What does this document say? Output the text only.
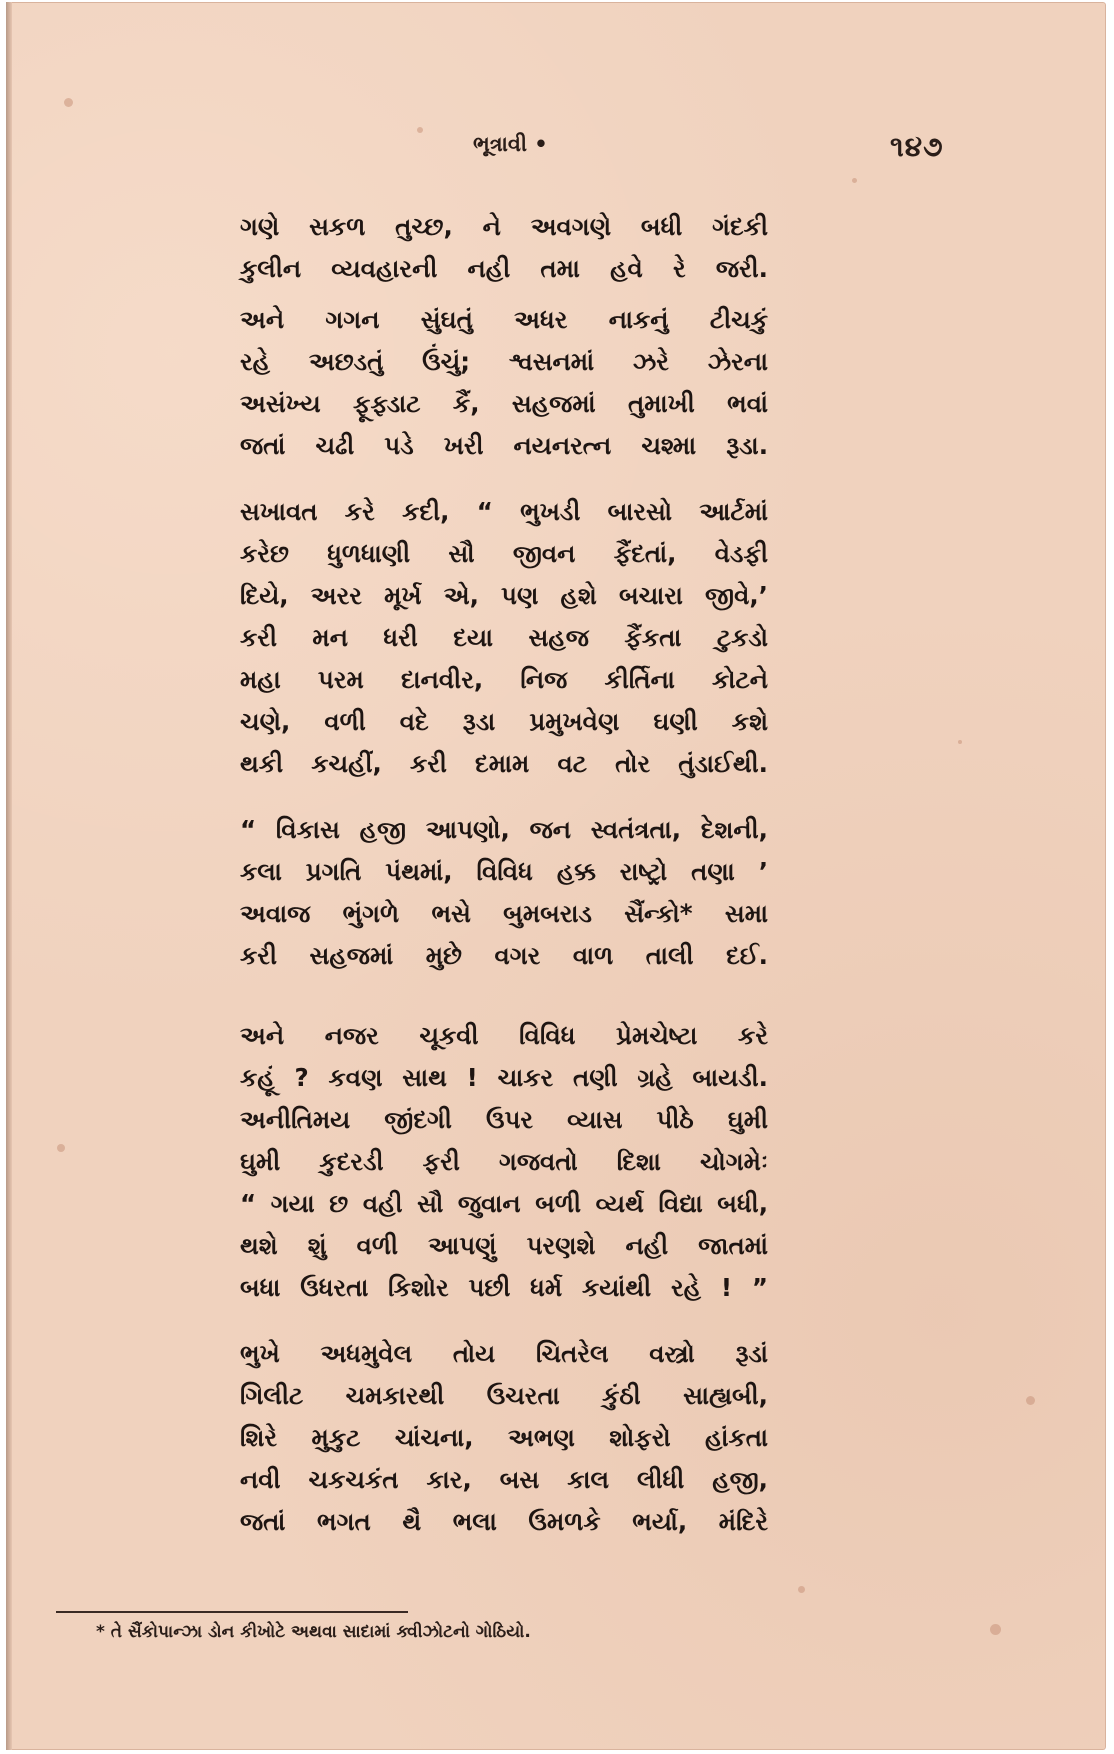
ભૂત્રાવી •	૧૪૭
ગણે સકળ તુચ્છ, ને અવગણે બધી ગંદકી
કુલીન વ્યવહારની નહી તમા હવે રે જરી.
અને ગગન સુંઘતું અધર નાકનું ટીચકું
રહે અછડતું ઉંચું; શ્વસનમાં ઝરે ઝેરના
અસંખ્ય ફૂફ્ડાટ કૈં, સહજમાં તુમાખી ભવાં
જતાં ચઢી પડે ખરી નયનરત્ન ચશ્મા રૂડા.
સખાવત કરે કદી, “ ભુખડી બારસો આર્ટમાં
કરેછ ધુળધાણી સૌ જીવન ફૈંદતાં, વેડફી
દિયે, અરર મૂર્ખ એ, પણ હશે બચારા જીવે,’
કરી મન ધરી દયા સહજ ફૈંકતા ટુકડો
મહા પરમ દાનવીર, નિજ કીર્તિના કોટને
ચણે, વળી વદે રૂડા પ્રમુખવેણ ઘણી કશે
થકી કચહીં, કરી દમામ વટ તોર તુંડાઈથી.
“ વિકાસ હજી આપણો, જન સ્વતંત્રતા, દેશની,
કલા પ્રગતિ પંથમાં, વિવિધ હક્ક રાષ્ટ્રો તણા ’
અવાજ ભુંગળે ભસે બુમબરાડ સૈંન્કો* સમા
કરી સહજમાં મુછે વગર વાળ તાલી દઈ.
અને નજર ચૂકવી વિવિધ પ્રેમચેષ્ટા કરે
કહૂં ? કવણ સાથ ! ચાકર તણી ગ્રહે બાયડી.
અનીતિમય જીંદગી ઉપર વ્યાસ પીઠે ઘુમી
ઘુમી કુદરડી ફરી ગજવતો દિશા ચોગમેઃ
“ ગયા છ વહી સૌ જુવાન બળી વ્યર્થ વિદ્યા બધી,
થશે શું વળી આપણું પરણશે નહી જાતમાં
બધા ઉધરતા કિશોર પછી ધર્મ કયાંથી રહે ! ”
ભુખે અધમુવેલ તોય ચિતરેલ વસ્ત્રો રૂડાં
ગિલીટ ચમકારથી ઉચરતા કુંઠી સાહ્યબી,
શિરે મુકુટ ચાંચના, અભણ શોફરો હાંકતા
નવી ચકચકંત કાર, બસ કાલ લીધી હજી,
જતાં ભગત થૈ ભલા ઉમળકે ભર્યા, મંદિરે
* તે સૈંકોપાન્ઝા ડોન કીખોટે અથવા સાદામાં ક્વીઝોટનો ગોઠિયો.
